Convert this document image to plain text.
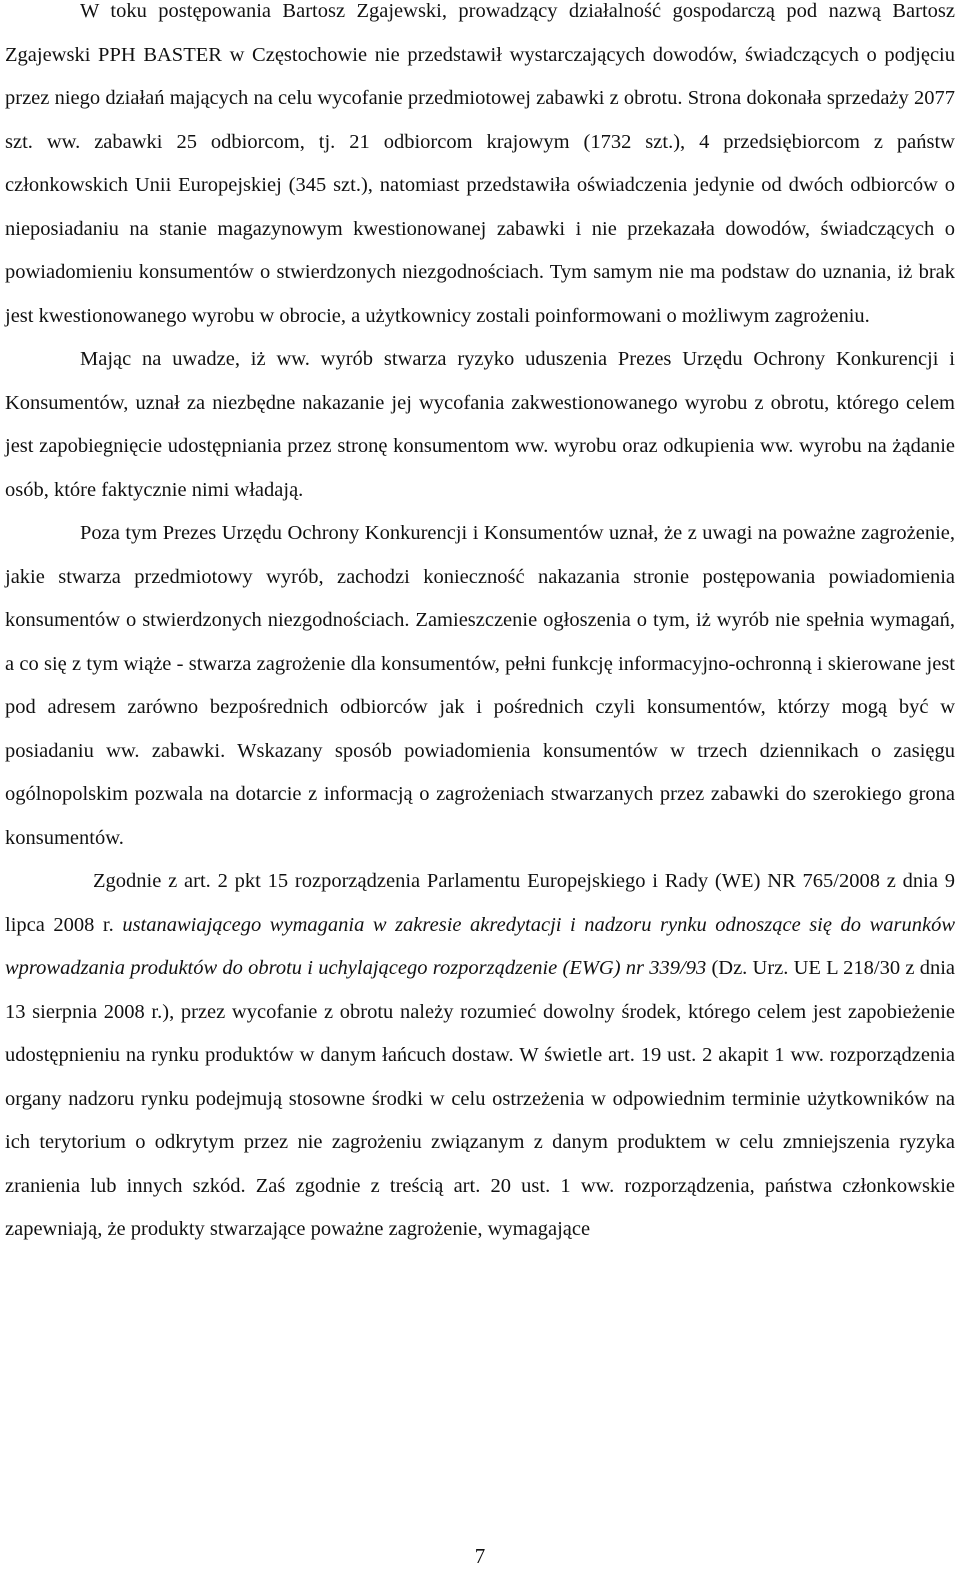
W toku postępowania Bartosz Zgajewski, prowadzący działalność gospodarczą pod nazwą Bartosz Zgajewski PPH BASTER w Częstochowie nie przedstawił wystarczających dowodów, świadczących o podjęciu przez niego działań mających na celu wycofanie przedmiotowej zabawki z obrotu. Strona dokonała sprzedaży 2077 szt. ww. zabawki 25 odbiorcom, tj. 21 odbiorcom krajowym (1732 szt.), 4 przedsiębiorcom z państw członkowskich Unii Europejskiej (345 szt.), natomiast przedstawiła oświadczenia jedynie od dwóch odbiorców o nieposiadaniu na stanie magazynowym kwestionowanej zabawki i nie przekazała dowodów, świadczących o powiadomieniu konsumentów o stwierdzonych niezgodnościach. Tym samym nie ma podstaw do uznania, iż brak jest kwestionowanego wyrobu w obrocie, a użytkownicy zostali poinformowani o możliwym zagrożeniu.

Mając na uwadze, iż ww. wyrób stwarza ryzyko uduszenia Prezes Urzędu Ochrony Konkurencji i Konsumentów, uznał za niezbędne nakazanie jej wycofania zakwestionowanego wyrobu z obrotu, którego celem jest zapobiegnięcie udostępniania przez stronę konsumentom ww. wyrobu oraz odkupienia ww. wyrobu na żądanie osób, które faktycznie nimi władają.

Poza tym Prezes Urzędu Ochrony Konkurencji i Konsumentów uznał, że z uwagi na poważne zagrożenie, jakie stwarza przedmiotowy wyrób, zachodzi konieczność nakazania stronie postępowania powiadomienia konsumentów o stwierdzonych niezgodnościach. Zamieszczenie ogłoszenia o tym, iż wyrób nie spełnia wymagań, a co się z tym wiąże - stwarza zagrożenie dla konsumentów, pełni funkcję informacyjno-ochronną i skierowane jest pod adresem zarówno bezpośrednich odbiorców jak i pośrednich czyli konsumentów, którzy mogą być w posiadaniu ww. zabawki. Wskazany sposób powiadomienia konsumentów w trzech dziennikach o zasięgu ogólnopolskim pozwala na dotarcie z informacją o zagrożeniach stwarzanych przez zabawki do szerokiego grona konsumentów.

Zgodnie z art. 2 pkt 15 rozporządzenia Parlamentu Europejskiego i Rady (WE) NR 765/2008 z dnia 9 lipca 2008 r. ustanawiającego wymagania w zakresie akredytacji i nadzoru rynku odnoszące się do warunków wprowadzania produktów do obrotu i uchylającego rozporządzenie (EWG) nr 339/93 (Dz. Urz. UE L 218/30 z dnia 13 sierpnia 2008 r.), przez wycofanie z obrotu należy rozumieć dowolny środek, którego celem jest zapobieżenie udostępnieniu na rynku produktów w danym łańcuch dostaw. W świetle art. 19 ust. 2 akapit 1 ww. rozporządzenia organy nadzoru rynku podejmują stosowne środki w celu ostrzeżenia w odpowiednim terminie użytkowników na ich terytorium o odkrytym przez nie zagrożeniu związanym z danym produktem w celu zmniejszenia ryzyka zranienia lub innych szkód. Zaś zgodnie z treścią art. 20 ust. 1 ww. rozporządzenia, państwa członkowskie zapewniają, że produkty stwarzające poważne zagrożenie, wymagające

7
